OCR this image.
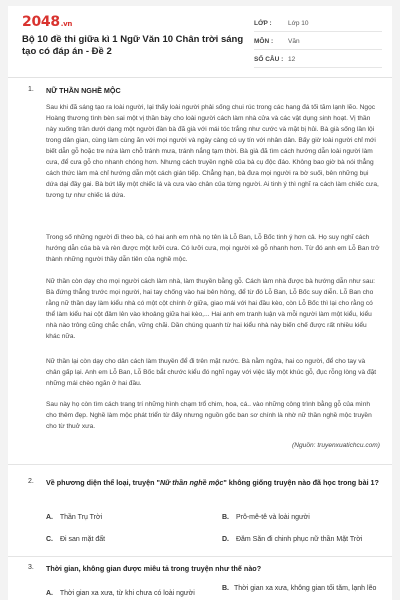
2048.vn
Bộ 10 đề thi giữa kì 1 Ngữ Văn 10 Chân trời sáng tạo có đáp án - Đề 2
LỚP :	Lớp 10
MÔN :	Văn
SỐ CÂU : 12
1. NỮ THẦN NGHỀ MỘC
Sau khi đã sáng tạo ra loài người, lại thấy loài người phải sống chui rúc trong các hang đá tối tăm lạnh lẽo. Ngọc Hoàng thương tình bèn sai một vị thần bày cho loài người cách làm nhà cửa và các vật dụng sinh hoạt. Vị thần này xuống trần dưới dạng một người đàn bà đã già với mái tóc trắng như cước và mặt bị hủi. Bà già sống lần lội trong dân gian, cùng làm cùng ăn với mọi người và ngày càng có uy tín với nhân dân. Bấy giờ loài người chỉ mới biết dẫn gỗ hoặc tre nứa làm chỗ tránh mưa, tránh nắng tạm thời. Bà già đã tìm cách hướng dẫn loài người làm cưa, để cưa gỗ cho nhanh chóng hơn. Nhưng cách truyền nghề của bà cụ độc đáo. Không bao giờ bà nói thẳng cách thức làm mà chỉ hướng dẫn một cách gián tiếp. Chẳng hạn, bà đưa mọi người ra bờ suối, bên những bụi dứa dại đầy gai. Bà bứt lấy một chiếc lá và cưa vào chân của từng người. Ai tinh ý thì nghĩ ra cách làm chiếc cưa, tương tự như chiếc lá dứa.
Trong số những người đi theo bà, có hai anh em nhà nọ tên là Lỗ Ban, Lỗ Bốc tinh ý hơn cả. Họ suy nghĩ cách hướng dẫn của bà và rèn được một lưỡi cưa. Có lưỡi cưa, mọi người xẻ gỗ nhanh hơn. Từ đó anh em Lỗ Ban trở thành những người thầy dẫn tiên của nghề mộc.
Nữ thần còn dạy cho mọi người cách làm nhà, làm thuyền bằng gỗ. Cách làm nhà được bà hướng dẫn như sau: Bà đứng thẳng trước mọi người, hai tay chống vào hai bên hông, để từ đó Lỗ Ban, Lỗ Bốc suy diễn. Lỗ Ban cho rằng nữ thần dạy làm kiểu nhà có một cột chính ở giữa, giao mái với hai đầu kèo, còn Lỗ Bốc thì lại cho rằng có thể làm kiểu hai cột đâm lên vào khoảng giữa hai kèo,... Hai anh em tranh luận và mỗi người làm một kiểu, kiểu nhà nào trông cũng chắc chắn, vững chãi. Dần chúng quanh từ hai kiểu nhà này biến chế được rất nhiều kiểu khác nữa.
Nữ thần lại còn dạy cho dân cách làm thuyền để đi trên mặt nước. Bà nằm ngửa, hai co người, để cho tay và chân gấp lại. Anh em Lỗ Ban, Lỗ Bốc bắt chước kiểu đó nghĩ ngay với việc lấy một khúc gỗ, đục rỗng lòng và đặt những mái chèo ngăn ở hai đầu.
Sau này họ còn tìm cách trang trí những hình chạm trổ chim, hoa, cá.. vào những công trình bằng gỗ của mình cho thêm đẹp. Nghề làm mộc phát triển từ đấy nhưng nguồn gốc ban sơ chính là nhờ nữ thần nghề mộc truyền cho từ thuở xưa.
(Nguồn: truyenxuatichcu.com)
2. Về phương diện thể loại, truyện "Nữ thần nghề mộc" không giống truyện nào đã học trong bài 1?
A. Thần Trụ Trời	B. Prô-mê-tê và loài người
C. Đi san mặt đất	D. Đăm Săn đi chinh phục nữ thần Mặt Trời
3. Thời gian, không gian được miêu tả trong truyện như thế nào?
A. Thời gian xa xưa, từ khi chưa có loài người
B. Thời gian xa xưa, không gian tối tăm, lạnh lẽo
